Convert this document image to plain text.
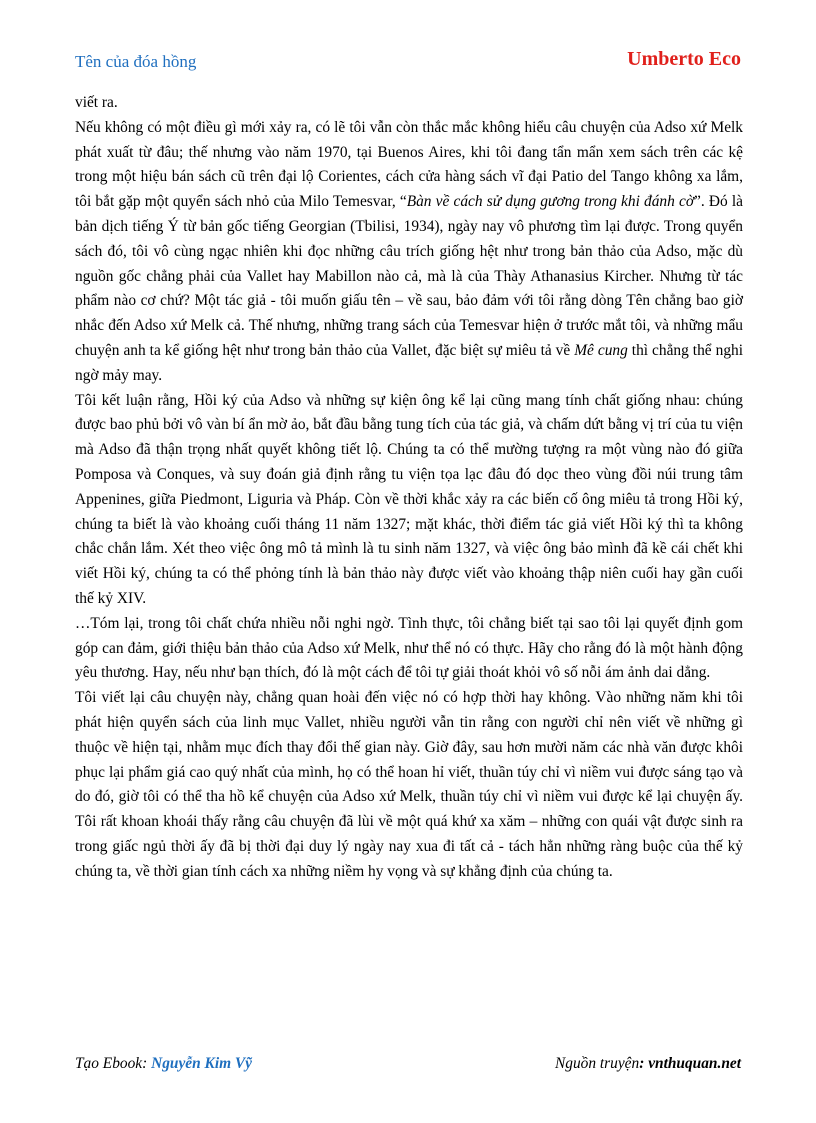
Tên của đóa hồng	Umberto Eco

viết ra.

Nếu không có một điều gì mới xảy ra, có lẽ tôi vẫn còn thắc mắc không hiểu câu chuyện của Adso xứ Melk phát xuất từ đâu; thế nhưng vào năm 1970, tại Buenos Aires, khi tôi đang tẩn mẩn xem sách trên các kệ trong một hiệu bán sách cũ trên đại lộ Corientes, cách cửa hàng sách vĩ đại Patio del Tango không xa lắm, tôi bắt gặp một quyển sách nhỏ của Milo Temesvar, “Bàn về cách sử dụng gương trong khi đánh cờ”. Đó là bản dịch tiếng Ý từ bản gốc tiếng Georgian (Tbilisi, 1934), ngày nay vô phương tìm lại được. Trong quyển sách đó, tôi vô cùng ngạc nhiên khi đọc những câu trích giống hệt như trong bản thảo của Adso, mặc dù nguồn gốc chẳng phải của Vallet hay Mabillon nào cả, mà là của Thày Athanasius Kircher. Nhưng từ tác phẩm nào cơ chứ? Một tác giả - tôi muốn giấu tên – về sau, bảo đảm với tôi rằng dòng Tên chẳng bao giờ nhắc đến Adso xứ Melk cả. Thế nhưng, những trang sách của Temesvar hiện ở trước mắt tôi, và những mẩu chuyện anh ta kể giống hệt như trong bản thảo của Vallet, đặc biệt sự miêu tả về Mê cung thì chẳng thể nghi ngờ mảy may.

Tôi kết luận rằng, Hồi ký của Adso và những sự kiện ông kể lại cũng mang tính chất giống nhau: chúng được bao phủ bởi vô vàn bí ẩn mờ ảo, bắt đầu bằng tung tích của tác giả, và chấm dứt bằng vị trí của tu viện mà Adso đã thận trọng nhất quyết không tiết lộ. Chúng ta có thể mường tượng ra một vùng nào đó giữa Pomposa và Conques, và suy đoán giả định rằng tu viện tọa lạc đâu đó dọc theo vùng đồi núi trung tâm Appenines, giữa Piedmont, Liguria và Pháp. Còn về thời khắc xảy ra các biến cố ông miêu tả trong Hồi ký, chúng ta biết là vào khoảng cuối tháng 11 năm 1327; mặt khác, thời điểm tác giả viết Hồi ký thì ta không chắc chắn lắm. Xét theo việc ông mô tả mình là tu sinh năm 1327, và việc ông bảo mình đã kề cái chết khi viết Hồi ký, chúng ta có thể phỏng tính là bản thảo này được viết vào khoảng thập niên cuối hay gần cuối thế kỷ XIV.

…Tóm lại, trong tôi chất chứa nhiều nỗi nghi ngờ. Tình thực, tôi chẳng biết tại sao tôi lại quyết định gom góp can đảm, giới thiệu bản thảo của Adso xứ Melk, như thể nó có thực. Hãy cho rằng đó là một hành động yêu thương. Hay, nếu như bạn thích, đó là một cách để tôi tự giải thoát khỏi vô số nỗi ám ảnh dai dẳng.

Tôi viết lại câu chuyện này, chẳng quan hoài đến việc nó có hợp thời hay không. Vào những năm khi tôi phát hiện quyển sách của linh mục Vallet, nhiều người vẫn tin rằng con người chỉ nên viết về những gì thuộc về hiện tại, nhằm mục đích thay đổi thế gian này. Giờ đây, sau hơn mười năm các nhà văn được khôi phục lại phẩm giá cao quý nhất của mình, họ có thể hoan hỉ viết, thuần túy chỉ vì niềm vui được sáng tạo và do đó, giờ tôi có thể tha hồ kể chuyện của Adso xứ Melk, thuần túy chỉ vì niềm vui được kể lại chuyện ấy. Tôi rất khoan khoái thấy rằng câu chuyện đã lùi về một quá khứ xa xăm – những con quái vật được sinh ra trong giấc ngủ thời ấy đã bị thời đại duy lý ngày nay xua đi tất cả - tách hẳn những ràng buộc của thế kỷ chúng ta, về thời gian tính cách xa những niềm hy vọng và sự khẳng định của chúng ta.

Tạo Ebook: Nguyễn Kim Vỹ	Nguồn truyện: vnthuquan.net
